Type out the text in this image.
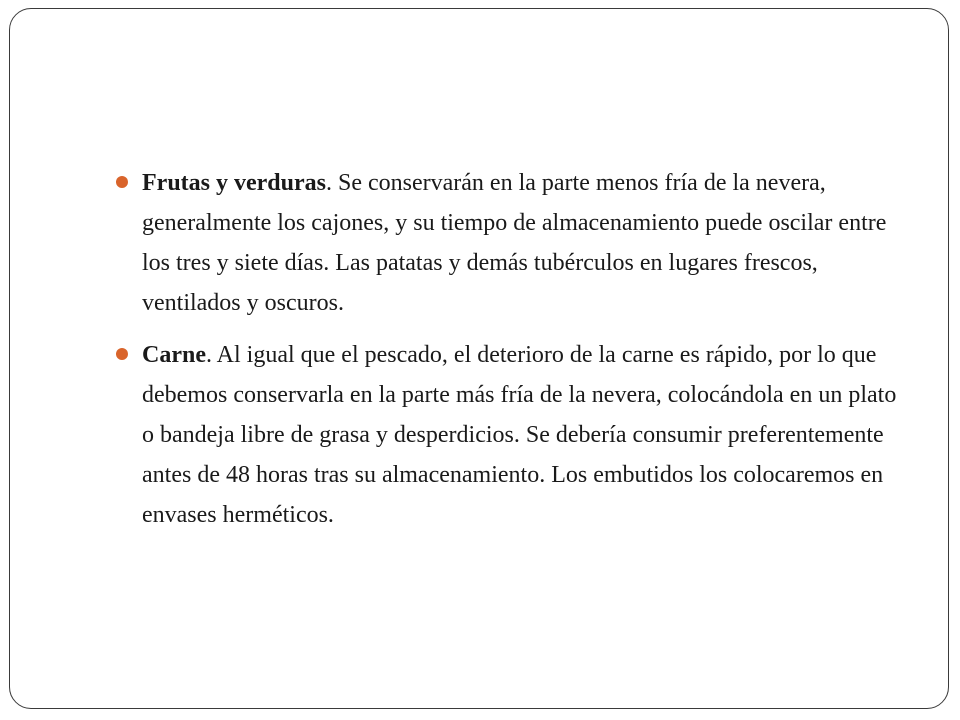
Frutas y verduras. Se conservarán en la parte menos fría de la nevera, generalmente los cajones, y su tiempo de almacenamiento puede oscilar entre los tres y siete días. Las patatas y demás tubérculos en lugares frescos, ventilados y oscuros.
Carne. Al igual que el pescado, el deterioro de la carne es rápido, por lo que debemos conservarla en la parte más fría de la nevera, colocándola en un plato o bandeja libre de grasa y desperdicios. Se debería consumir preferentemente antes de 48 horas tras su almacenamiento. Los embutidos los colocaremos en envases herméticos.
